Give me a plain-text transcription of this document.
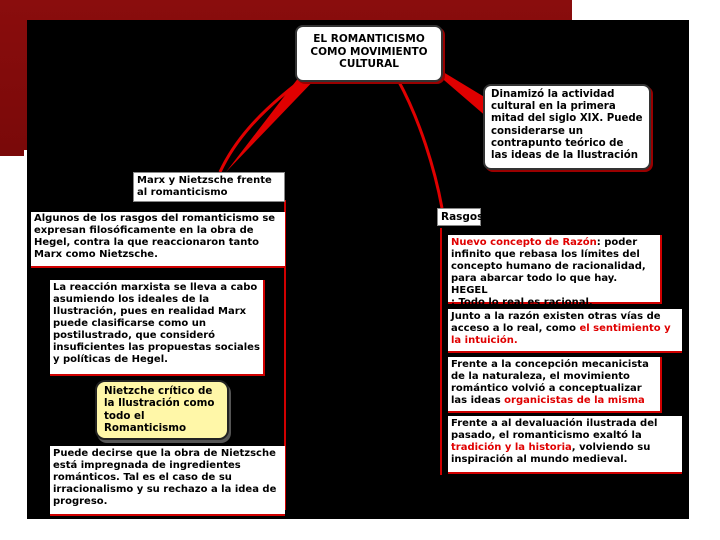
EL ROMANTICISMO COMO MOVIMIENTO CULTURAL
Dinamizó la actividad cultural en la primera mitad del siglo XIX. Puede considerarse un contrapunto teórico de las ideas de la Ilustración
Marx y Nietzsche frente al romanticismo
Algunos de los rasgos del romanticismo se expresan filosóficamente en la obra de Hegel, contra la que reaccionaron tanto Marx como Nietzsche.
La reacción marxista se lleva a cabo asumiendo los ideales de la Ilustración, pues en realidad Marx puede clasificarse como un postilustrado, que consideró insuficientes las propuestas sociales y políticas de Hegel.
Nietzche crítico de la Ilustración como todo el Romanticismo
Puede decirse que la obra de Nietzsche está impregnada de ingredientes románticos. Tal es el caso de su irracionalismo y su rechazo a la idea de progreso.
Rasgos
Nuevo concepto de Razón: poder infinito que rebasa los límites del concepto humano de racionalidad, para abarcar todo lo que hay. HEGEL
: Todo lo real es racional.
Junto a la razón existen otras vías de acceso a lo real, como el sentimiento y la intuición.
Frente a la concepción mecanicista de la naturaleza, el movimiento romántico volvió a conceptualizar las ideas organicistas de la misma
Frente a al devaluación ilustrada del pasado, el romanticismo exaltó la tradición y la historia, volviendo su inspiración al mundo medieval.
